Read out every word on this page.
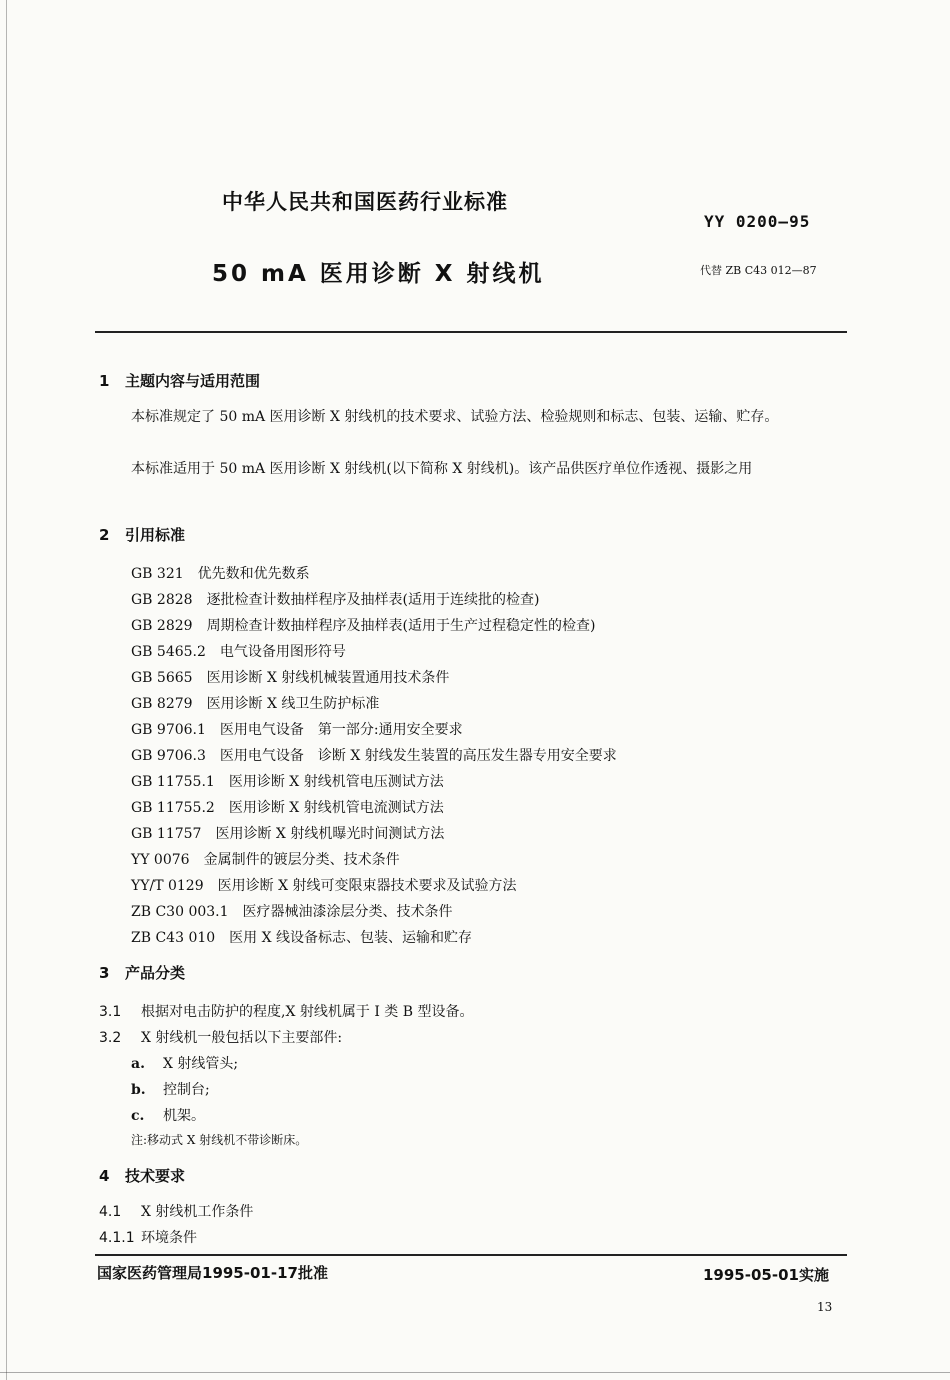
中华人民共和国医药行业标准
YY 0200—95
50 mA 医用诊断 X 射线机	代替 ZB C43 012—87
1 主题内容与适用范围
本标准规定了 50 mA 医用诊断 X 射线机的技术要求、试验方法、检验规则和标志、包装、运输、贮存。
本标准适用于 50 mA 医用诊断 X 射线机(以下简称 X 射线机)。该产品供医疗单位作透视、摄影之用
2 引用标准
GB 321 优先数和优先数系
GB 2828 逐批检查计数抽样程序及抽样表(适用于连续批的检查)
GB 2829 周期检查计数抽样程序及抽样表(适用于生产过程稳定性的检查)
GB 5465.2 电气设备用图形符号
GB 5665 医用诊断 X 射线机械装置通用技术条件
GB 8279 医用诊断 X 线卫生防护标准
GB 9706.1 医用电气设备　第一部分:通用安全要求
GB 9706.3 医用电气设备　诊断 X 射线发生装置的高压发生器专用安全要求
GB 11755.1 医用诊断 X 射线机管电压测试方法
GB 11755.2 医用诊断 X 射线机管电流测试方法
GB 11757 医用诊断 X 射线机曝光时间测试方法
YY 0076 金属制件的镀层分类、技术条件
YY/T 0129 医用诊断 X 射线可变限束器技术要求及试验方法
ZB C30 003.1 医疗器械油漆涂层分类、技术条件
ZB C43 010 医用 X 线设备标志、包装、运输和贮存
3 产品分类
3.1 根据对电击防护的程度,X 射线机属于 I 类 B 型设备。
3.2 X 射线机一般包括以下主要部件:
a. X 射线管头;
b. 控制台;
c. 机架。
注:移动式 X 射线机不带诊断床。
4 技术要求
4.1 X 射线机工作条件
4.1.1 环境条件
国家医药管理局1995-01-17批准	1995-05-01实施
13
